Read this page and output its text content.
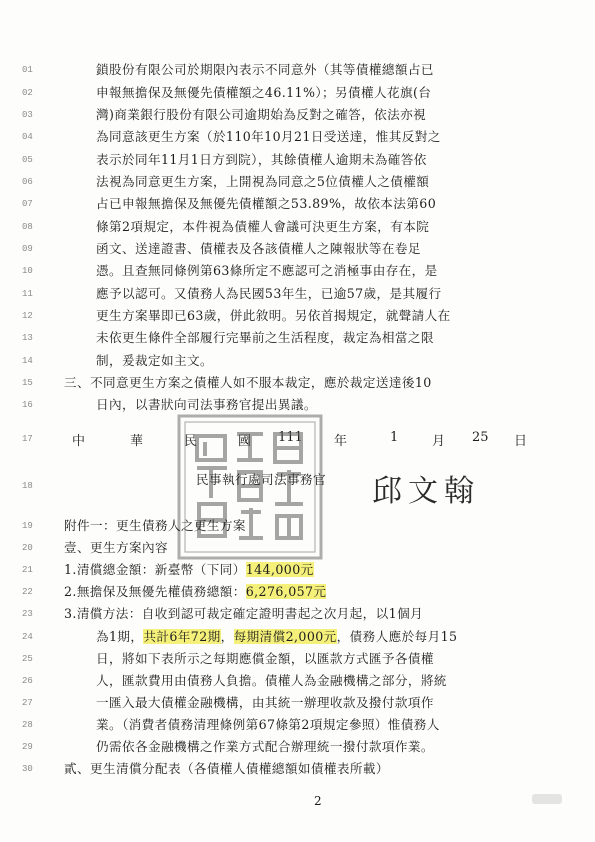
01
02
03
04
05
06
07
08
09
10
11
12
13
14
15
16
17
18
19
20
21
22
23
24
25
26
27
28
29
30
鎖股份有限公司於期限內表示不同意外（其等債權總額占已
申報無擔保及無優先債權額之46.11%）；另債權人花旗(台
灣)商業銀行股份有限公司逾期始為反對之確答，依法亦視
為同意該更生方案（於110年10月21日受送達，惟其反對之
表示於同年11月1日方到院），其餘債權人逾期未為確答依
法視為同意更生方案，上開視為同意之5位債權人之債權額
占已申報無擔保及無優先債權額之53.89%，故依本法第60
條第2項規定，本件視為債權人會議可決更生方案，有本院
函文、送達證書、債權表及各該債權人之陳報狀等在卷足
憑。且查無同條例第63條所定不應認可之消極事由存在，是
應予以認可。又債務人為民國53年生，已逾57歲，是其履行
更生方案畢即已63歲，併此敘明。另依首揭規定，就聲請人在
未依更生條件全部履行完畢前之生活程度，裁定為相當之限
制，爰裁定如主文。
三、不同意更生方案之債權人如不服本裁定，應於裁定送達後10
日內，以書狀向司法事務官提出異議。
中	華	民	國 111 年	1	月 25 日
民事執行處司法事務官 邱文翰
附件一：更生債務人之更生方案
壹、更生方案內容
1.清償總金額：新臺幣（下同）144,000元
2.無擔保及無優先權債務總額：6,276,057元
3.清償方法：自收到認可裁定確定證明書起之次月起，以1個月
為1期，共計6年72期，每期清償2,000元，債務人應於每月15
日，將如下表所示之每期應償金額，以匯款方式匯予各債權
人，匯款費用由債務人負擔。債權人為金融機構之部分，將統
一匯入最大債權金融機構，由其統一辦理收款及撥付款項作
業。（消費者債務清理條例第67條第2項規定參照）惟債務人
仍需依各金融機構之作業方式配合辦理統一撥付款項作業。
貳、更生清償分配表（各債權人債權總額如債權表所載）
2
